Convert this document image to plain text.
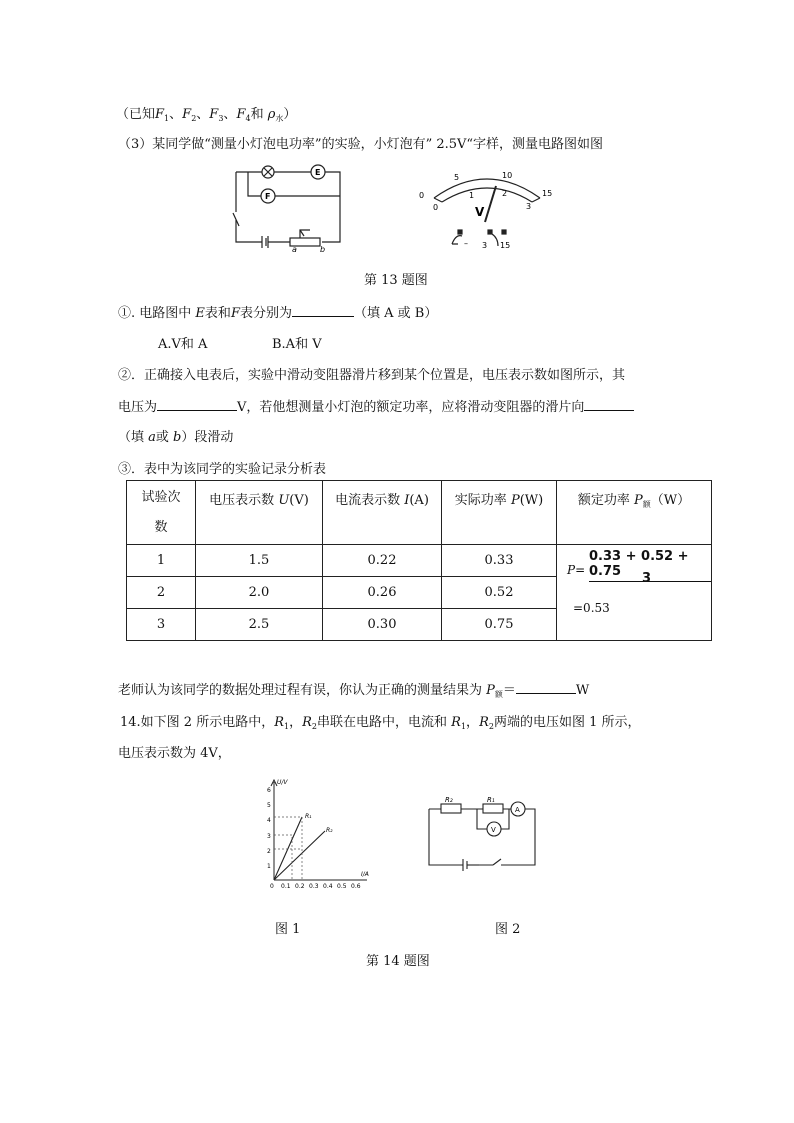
（已知$F_1$、$F_2$、$F_3$、$F_4$和 $\rho_水$）
（3）某同学做“测量小灯泡电功率”的实验，小灯泡有” 2.5V“字样，测量电路图如图
E
F
a	b
0
5	10
15
0
1	2
3
V
– 3 15
第 13 题图
①. 电路图中 E表和F表分别为	（填 A 或 B）
A.V和 A	B.A和 V
②．正确接入电表后，实验中滑动变阻器滑片移到某个位置是，电压表示数如图所示，其
电压为	V，若他想测量小灯泡的额定功率，应将滑动变阻器的滑片向
（填 a或 b）段滑动
③．表中为该同学的实验记录分析表
试验次
数	电压表示数 U(V)	电流表示数 I(A)	实际功率 P(W)	额定功率 $P_额(W)$
1	1.5	0.22	0.33	P=
0.33 + 0.52 + 0.75 3
=0.53

2	2.0	0.26	0.52	
3	2.5	0.30	0.75	
老师认为该同学的数据处理过程有误，你认为正确的测量结果为 $P_额=$	W
14.如下图 2 所示电路中，$R_1$，$R_2$串联在电路中，电流和 $R_1$，$R_2$两端的电压如图 1 所示，
电压表示数为 4V，
U/V
I/A
1
2
3
4
5
6
0 0.1 0.2 0.3 0.4 0.5 0.6
R₁
R₂
R₂	R₁
A
V
图 1	图 2
第 14 题图
